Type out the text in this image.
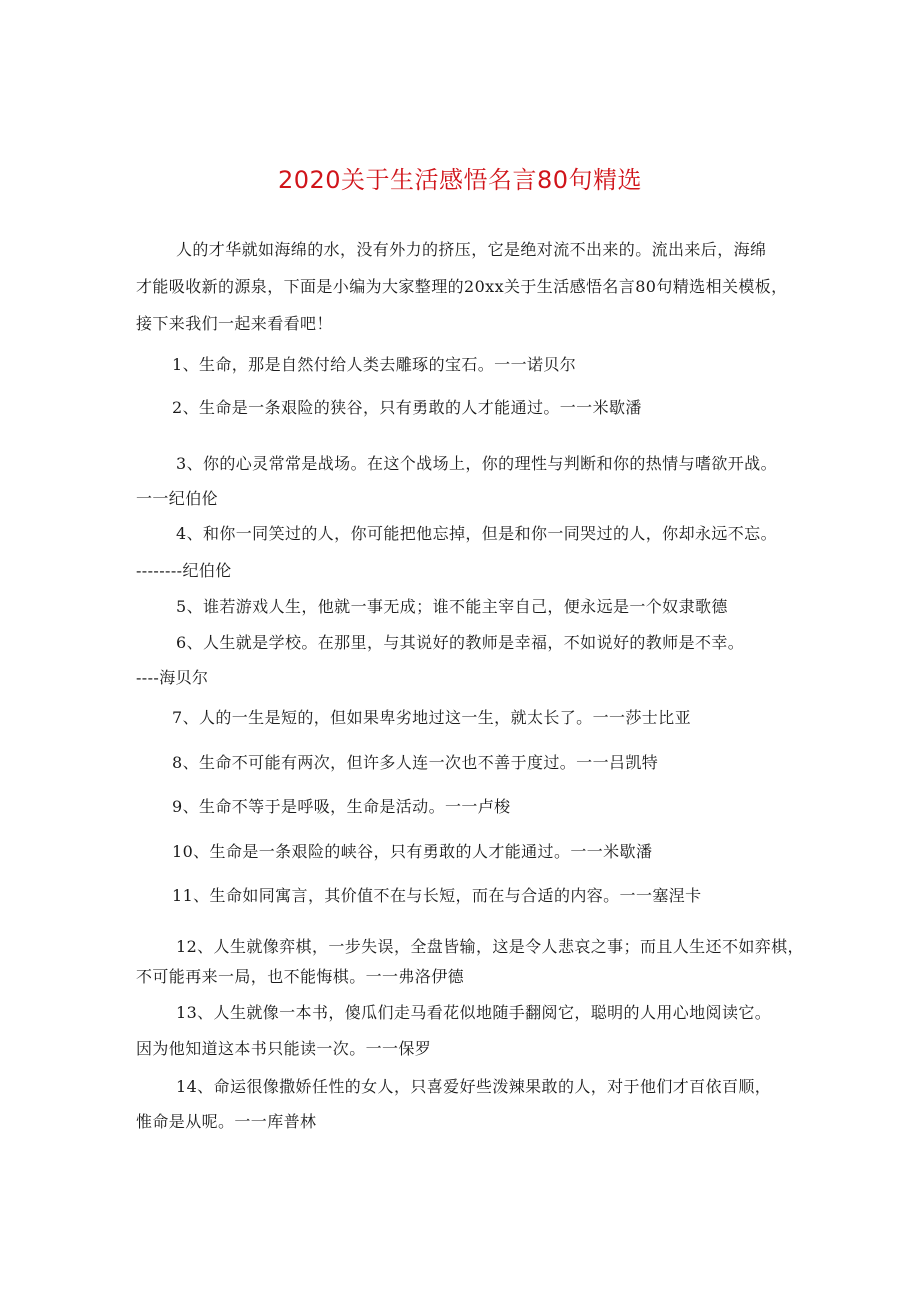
2020关于生活感悟名言80句精选
人的才华就如海绵的水，没有外力的挤压，它是绝对流不出来的。流出来后，海绵
才能吸收新的源泉，下面是小编为大家整理的20xx关于生活感悟名言80句精选相关模板，
接下来我们一起来看看吧！
1、生命，那是自然付给人类去雕琢的宝石。一一诺贝尔
2、生命是一条艰险的狭谷，只有勇敢的人才能通过。一一米歇潘
3、你的心灵常常是战场。在这个战场上，你的理性与判断和你的热情与嗜欲开战。
一一纪伯伦
4、和你一同笑过的人，你可能把他忘掉，但是和你一同哭过的人，你却永远不忘。
--------纪伯伦
5、谁若游戏人生，他就一事无成；谁不能主宰自己，便永远是一个奴隶歌德
6、人生就是学校。在那里，与其说好的教师是幸福，不如说好的教师是不幸。
----海贝尔
7、人的一生是短的，但如果卑劣地过这一生，就太长了。一一莎士比亚
8、生命不可能有两次，但许多人连一次也不善于度过。一一吕凯特
9、生命不等于是呼吸，生命是活动。一一卢梭
10、生命是一条艰险的峡谷，只有勇敢的人才能通过。一一米歇潘
11、生命如同寓言，其价值不在与长短，而在与合适的内容。一一塞涅卡
12、人生就像弈棋，一步失误，全盘皆输，这是令人悲哀之事；而且人生还不如弈棋，
不可能再来一局，也不能悔棋。一一弗洛伊德
13、人生就像一本书，傻瓜们走马看花似地随手翻阅它，聪明的人用心地阅读它。
因为他知道这本书只能读一次。一一保罗
14、命运很像撒娇任性的女人，只喜爱好些泼辣果敢的人，对于他们才百依百顺，
惟命是从呢。一一库普林
